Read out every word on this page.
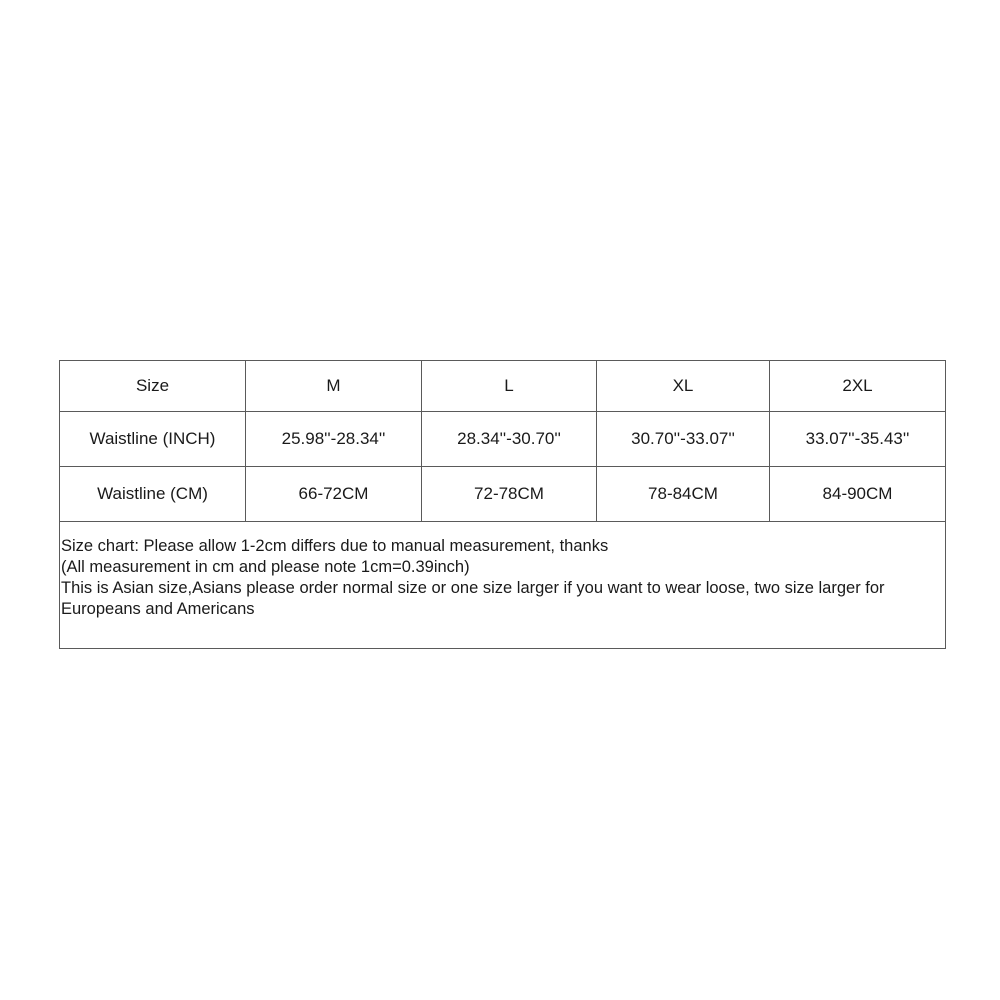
Size	M	L	XL	2XL
Waistline (INCH)	25.98''-28.34''	28.34''-30.70''	30.70''-33.07''	33.07''-35.43''
Waistline (CM)	66-72CM	72-78CM	78-84CM	84-90CM

Size chart: Please allow 1-2cm differs due to manual measurement, thanks
(All measurement in cm and please note 1cm=0.39inch)
This is Asian size,Asians please order normal size or one size larger if you want to wear loose, two size larger for Europeans and Americans				
